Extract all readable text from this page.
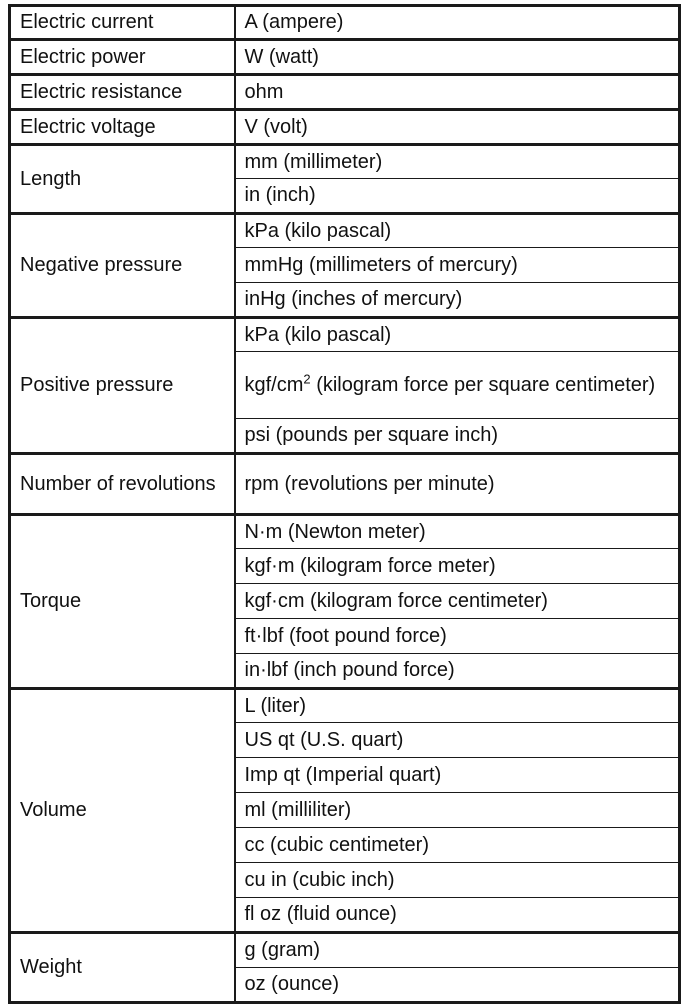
Electric current	A (ampere)
Electric power	W (watt)
Electric resistance	ohm
Electric voltage	V (volt)
Length	mm (millimeter)
	in (inch)
Negative pressure	kPa (kilo pascal)
	mmHg (millimeters of mercury)
	inHg (inches of mercury)
Positive pressure	kPa (kilo pascal)
	kgf/$cm^2$ (kilogram force per square centimeter)
	psi (pounds per square inch)
Number of revolutions	rpm (revolutions per minute)
Torque	N·m (Newton meter)
	kgf·m (kilogram force meter)
	kgf·cm (kilogram force centimeter)
	ft·lbf (foot pound force)
	in·lbf (inch pound force)
Volume	L (liter)
	US qt (U.S. quart)
	Imp qt (Imperial quart)
	ml (milliliter)
	cc (cubic centimeter)
	cu in (cubic inch)
	fl oz (fluid ounce)
Weight	g (gram)
	oz (ounce)
